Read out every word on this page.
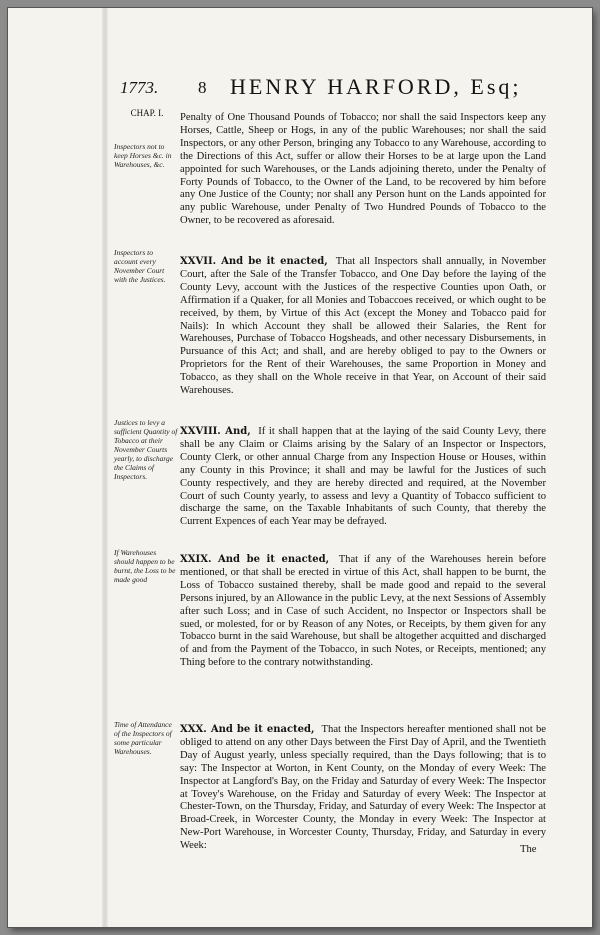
1773. 8 HENRY HARFORD, Esq;
CHAP. I.
Inspectors not to keep Horses &c. in Warehouses, &c.
Inspectors to account every November Court with the Justices.
Justices to levy a sufficient Quantity of Tobacco at their November Courts yearly, to discharge the Claims of Inspectors.
If Warehouses should happen to be burnt, the Loss to be made good
Time of Attendance of the Inspectors of some particular Warehouses.
Penalty of One Thousand Pounds of Tobacco; nor shall the said Inspectors keep any Horses, Cattle, Sheep or Hogs, in any of the public Warehouses; nor shall the said Inspectors, or any other Person, bringing any Tobacco to any Warehouse, according to the Directions of this Act, suffer or allow their Horses to be at large upon the Land appointed for such Warehouses, or the Lands adjoining thereto, under the Penalty of Forty Pounds of Tobacco, to the Owner of the Land, to be recovered by him before any One Justice of the County; nor shall any Person hunt on the Lands appointed for any public Warehouse, under Penalty of Two Hundred Pounds of Tobacco to the Owner, to be recovered as aforesaid.
XXVII. And be it enacted, That all Inspectors shall annually, in November Court, after the Sale of the Transfer Tobacco, and One Day before the laying of the County Levy, account with the Justices of the respective Counties upon Oath, or Affirmation if a Quaker, for all Monies and Tobaccoes received, or which ought to be received, by them, by Virtue of this Act (except the Money and Tobacco paid for Nails): In which Account they shall be allowed their Salaries, the Rent for Warehouses, Purchase of Tobacco Hogsheads, and other necessary Disbursements, in Pursuance of this Act; and shall, and are hereby obliged to pay to the Owners or Proprietors for the Rent of their Warehouses, the same Proportion in Money and Tobacco, as they shall on the Whole receive in that Year, on Account of their said Warehouses.
XXVIII. And, If it shall happen that at the laying of the said County Levy, there shall be any Claim or Claims arising by the Salary of an Inspector or Inspectors, County Clerk, or other annual Charge from any Inspection House or Houses, within any County in this Province; it shall and may be lawful for the Justices of such County respectively, and they are hereby directed and required, at the November Court of such County yearly, to assess and levy a Quantity of Tobacco sufficient to discharge the same, on the Taxable Inhabitants of such County, that thereby the Current Expences of each Year may be defrayed.
XXIX. And be it enacted, That if any of the Warehouses herein before mentioned, or that shall be erected in virtue of this Act, shall happen to be burnt, the Loss of Tobacco sustained thereby, shall be made good and repaid to the several Persons injured, by an Allowance in the public Levy, at the next Sessions of Assembly after such Loss; and in Case of such Accident, no Inspector or Inspectors shall be sued, or molested, for or by Reason of any Notes, or Receipts, by them given for any Tobacco burnt in the said Warehouse, but shall be altogether acquitted and discharged of and from the Payment of the Tobacco, in such Notes, or Receipts, mentioned; any Thing before to the contrary notwithstanding.
XXX. And be it enacted, That the Inspectors hereafter mentioned shall not be obliged to attend on any other Days between the First Day of April, and the Twentieth Day of August yearly, unless specially required, than the Days following; that is to say: The Inspector at Worton, in Kent County, on the Monday of every Week: The Inspector at Langford's Bay, on the Friday and Saturday of every Week: The Inspector at Tovey's Warehouse, on the Friday and Saturday of every Week: The Inspector at Chester-Town, on the Thursday, Friday, and Saturday of every Week: The Inspector at Broad-Creek, in Worcester County, the Monday in every Week: The Inspector at New-Port Warehouse, in Worcester County, Thursday, Friday, and Saturday in every Week:	The
